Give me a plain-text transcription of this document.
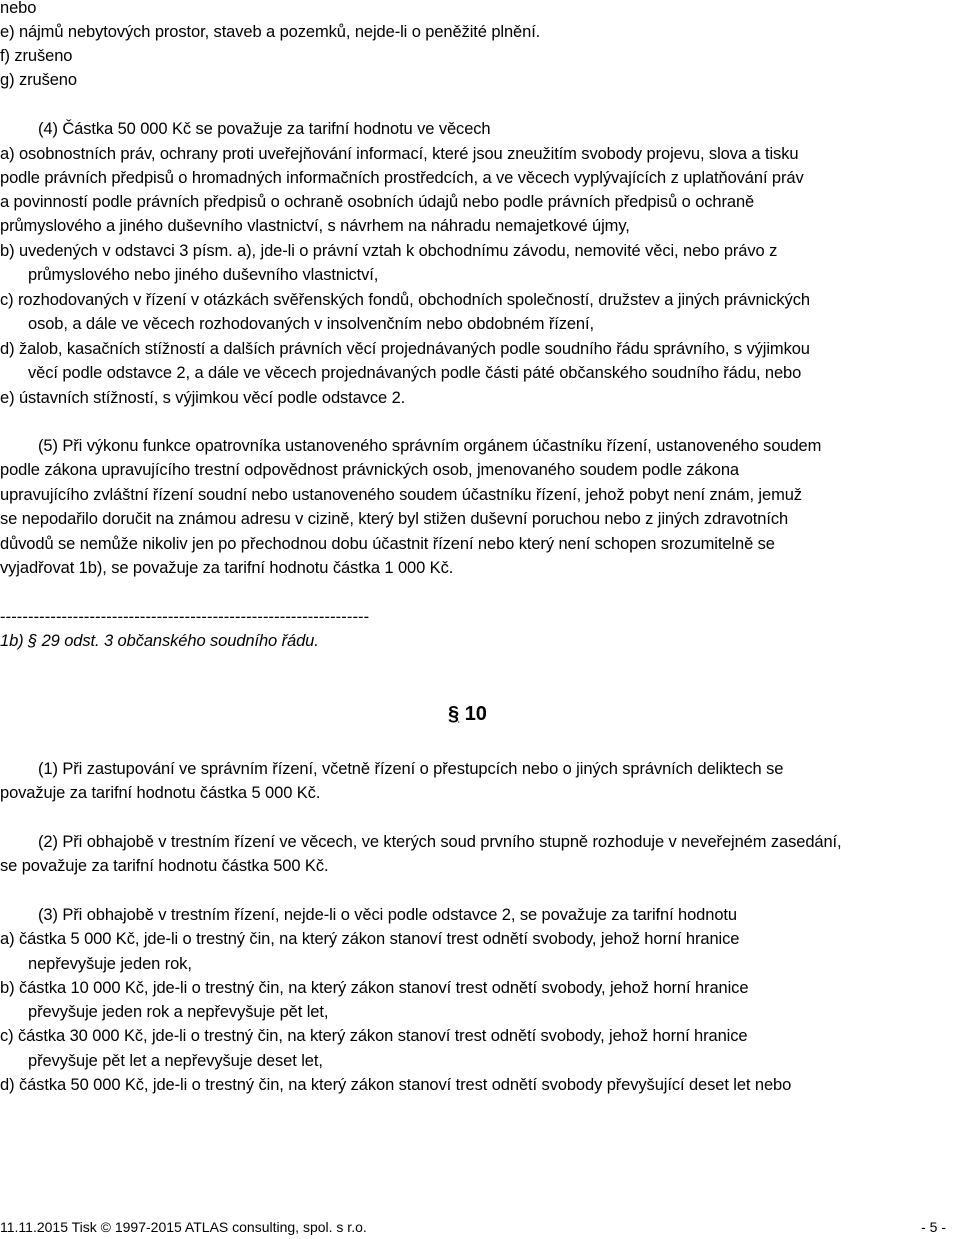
nebo
e) nájmů nebytových prostor, staveb a pozemků, nejde-li o peněžité plnění.
f) zrušeno
g) zrušeno
(4) Částka 50 000 Kč se považuje za tarifní hodnotu ve věcech
a) osobnostních práv, ochrany proti uveřejňování informací, které jsou zneužitím svobody projevu, slova a tisku
podle právních předpisů o hromadných informačních prostředcích, a ve věcech vyplývajících z uplatňování práv
a povinností podle právních předpisů o ochraně osobních údajů nebo podle právních předpisů o ochraně
průmyslového a jiného duševního vlastnictví, s návrhem na náhradu nemajetkové újmy,
b) uvedených v odstavci 3 písm. a), jde-li o právní vztah k obchodnímu závodu, nemovité věci, nebo právo z
průmyslového nebo jiného duševního vlastnictví,
c) rozhodovaných v řízení v otázkách svěřenských fondů, obchodních společností, družstev a jiných právnických
osob, a dále ve věcech rozhodovaných v insolvenčním nebo obdobném řízení,
d) žalob, kasačních stížností a dalších právních věcí projednávaných podle soudního řádu správního, s výjimkou
věcí podle odstavce 2, a dále ve věcech projednávaných podle části páté občanského soudního řádu, nebo
e) ústavních stížností, s výjimkou věcí podle odstavce 2.
(5) Při výkonu funkce opatrovníka ustanoveného správním orgánem účastníku řízení, ustanoveného soudem
podle zákona upravujícího trestní odpovědnost právnických osob, jmenovaného soudem podle zákona
upravujícího zvláštní řízení soudní nebo ustanoveného soudem účastníku řízení, jehož pobyt není znám, jemuž
se nepodařilo doručit na známou adresu v cizině, který byl stižen duševní poruchou nebo z jiných zdravotních
důvodů se nemůže nikoliv jen po přechodnou dobu účastnit řízení nebo který není schopen srozumitelně se
vyjadřovat 1b), se považuje za tarifní hodnotu částka 1 000 Kč.
------------------------------------------------------------------
1b) § 29 odst. 3 občanského soudního řádu.
§ 10
(1) Při zastupování ve správním řízení, včetně řízení o přestupcích nebo o jiných správních deliktech se
považuje za tarifní hodnotu částka 5 000 Kč.
(2) Při obhajobě v trestním řízení ve věcech, ve kterých soud prvního stupně rozhoduje v neveřejném zasedání,
se považuje za tarifní hodnotu částka 500 Kč.
(3) Při obhajobě v trestním řízení, nejde-li o věci podle odstavce 2, se považuje za tarifní hodnotu
a) částka 5 000 Kč, jde-li o trestný čin, na který zákon stanoví trest odnětí svobody, jehož horní hranice
nepřevyšuje jeden rok,
b) částka 10 000 Kč, jde-li o trestný čin, na který zákon stanoví trest odnětí svobody, jehož horní hranice
převyšuje jeden rok a nepřevyšuje pět let,
c) částka 30 000 Kč, jde-li o trestný čin, na který zákon stanoví trest odnětí svobody, jehož horní hranice
převyšuje pět let a nepřevyšuje deset let,
d) částka 50 000 Kč, jde-li o trestný čin, na který zákon stanoví trest odnětí svobody převyšující deset let nebo
11.11.2015 Tisk © 1997-2015 ATLAS consulting, spol. s r.o.	- 5 -
